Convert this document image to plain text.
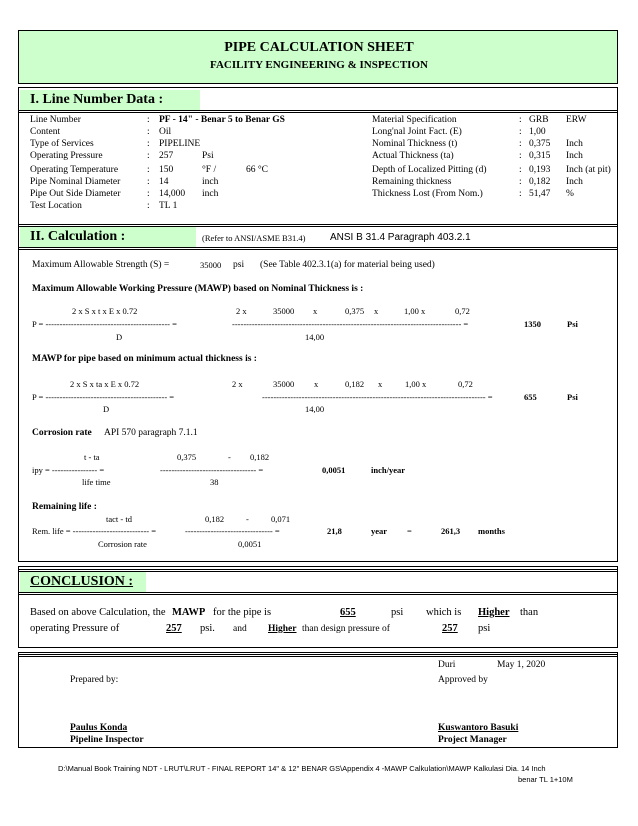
PIPE CALCULATION SHEET
FACILITY ENGINEERING & INSPECTION
I. Line Number Data :
Line Number	: PF - 14" - Benar 5 to Benar GS
Content	: Oil
Type of Services	: PIPELINE
Operating Pressure	: 257	Psi
Operating Temperature	: 150	°F /	66 °C
Pipe Nominal Diameter	: 14	inch
Pipe Out Side Diameter	: 14,000 inch
Test Location	: TL 1
Material Specification	: GRB ERW
Long'nal Joint Fact. (E)	: 1,00
Nominal Thickness (t)	: 0,375 Inch
Actual Thickness (ta)	: 0,315 Inch
Depth of Localized Pitting (d)	: 0,193 Inch (at pit)
Remaining thickness	: 0,182 Inch
Thickness Lost (From Nom.)	: 51,47 %
II. Calculation :	(Refer to ANSI/ASME B31.4) ANSI B 31.4 Paragraph 403.2.1
Maximum Allowable Strength (S) =	35000 psi (See Table 402.3.1(a) for material being used)
Maximum Allowable Working Pressure (MAWP) based on Nominal Thickness is :
2 x S x t x E x 0.72
P = -------------------------------------------- =
D
2 x	35000 x	0,375 x	1,00 x	0,72
--------------------------------------------------------------------------------- =
14,00
1350	Psi
MAWP for pipe based on minimum actual thickness is :
2 x S x ta x E x 0.72
P = ------------------------------------------- =
D
2 x	35000 x	0,182 x	1,00 x	0,72
------------------------------------------------------------------------------- =
14,00
655	Psi
Corrosion rate API 570 paragraph 7.1.1
t - ta
ipy = ---------------- =
life time
0,375	- 0,182
---------------------------------- =
38
0,0051	inch/year
Remaining life :
tact - td
Rem. life = --------------------------- =
Corrosion rate
0,182	-	0,071
------------------------------- =
0,0051
21,8	year =	261,3 months
CONCLUSION :
Based on above Calculation, the MAWP for the pipe is	655	psi which is Higher than
operating Pressure of	257 psi. and Higher than design pressure of	257 psi
Duri	May 1, 2020
Prepared by:	Approved by
Paulus Konda
Pipeline Inspector
Kuswantoro Basuki
Project Manager
D:\Manual Book Training NDT - LRUT\LRUT - FINAL REPORT 14" & 12" BENAR GS\Appendix 4 -MAWP Calkulation\MAWP Kalkulasi Dia. 14 Inch
benar TL 1+10M
